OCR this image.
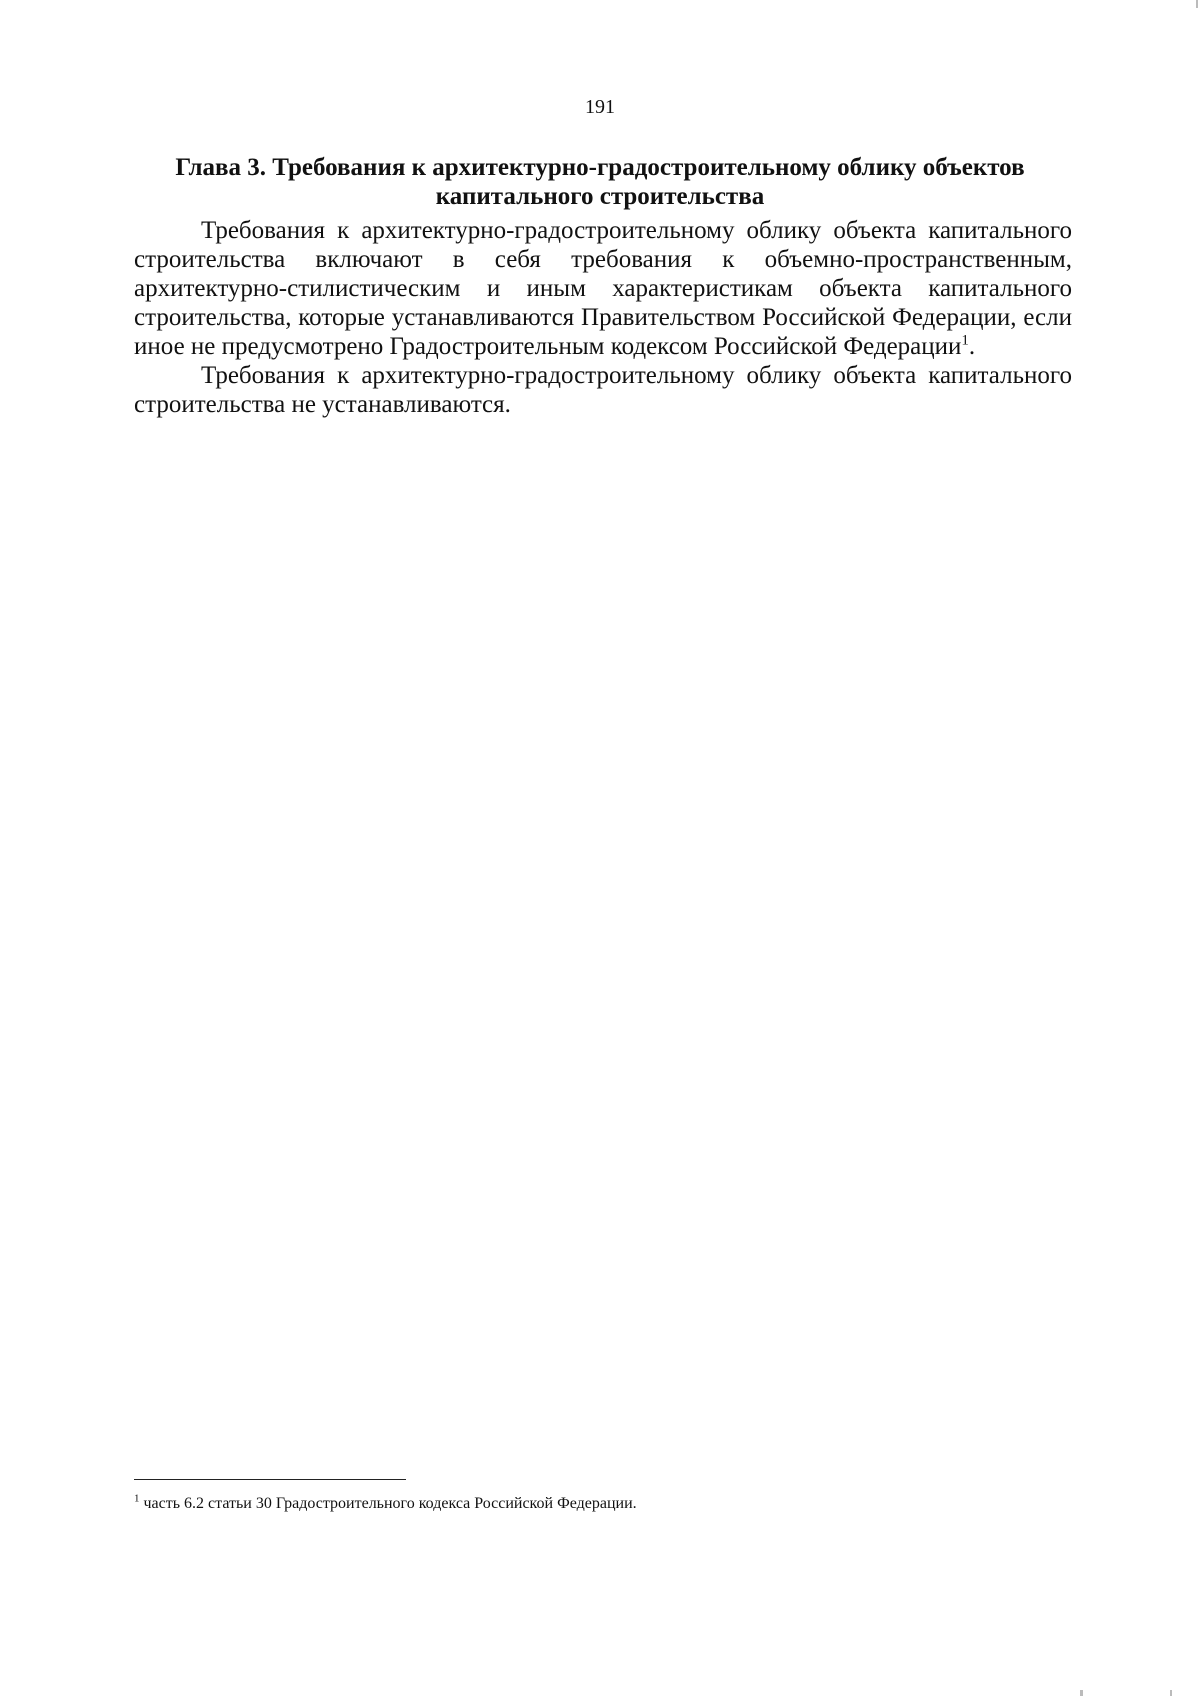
191
Глава 3. Требования к архитектурно-градостроительному облику объектов капитального строительства

Требования к архитектурно-градостроительному облику объекта капитального строительства включают в себя требования к объемно-пространственным, архитектурно-стилистическим и иным характеристикам объекта капитального строительства, которые устанавливаются Правительством Российской Федерации, если иное не предусмотрено Градостроительным кодексом Российской Федерации$^1$.

Требования к архитектурно-градостроительному облику объекта капитального строительства не устанавливаются.

$^1$ часть 6.2 статьи 30 Градостроительного кодекса Российской Федерации.
